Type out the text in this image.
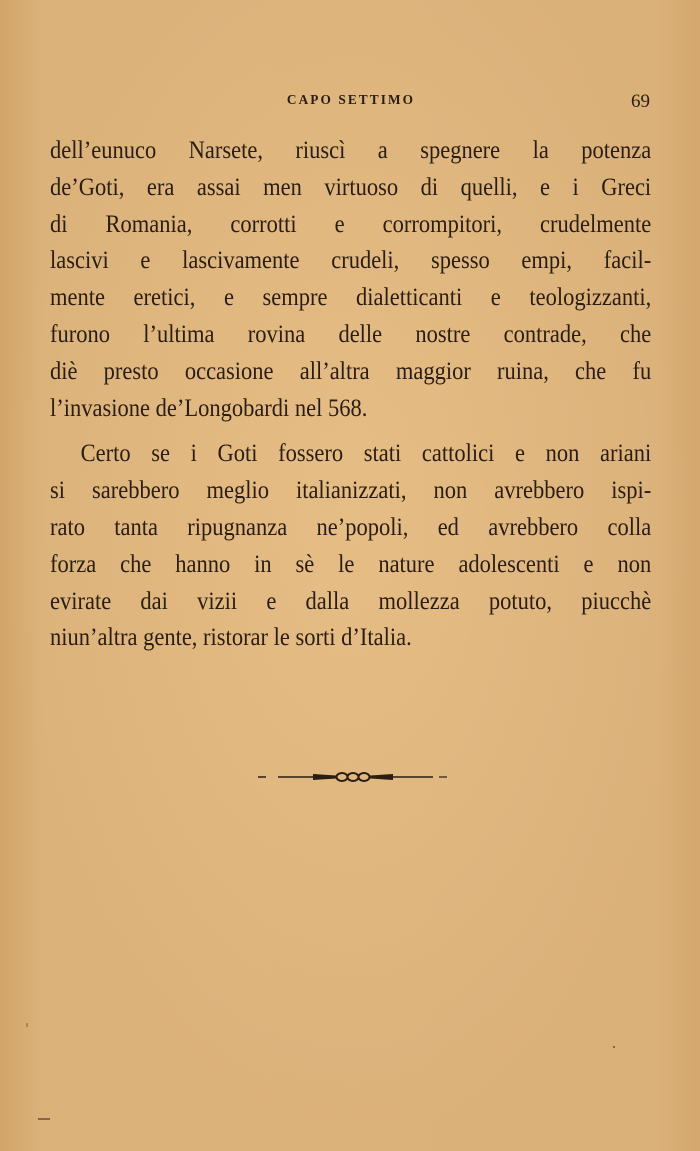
CAPO SETTIMO	69
dell’eunuco Narsete, riuscì a spegnere la potenza
de’Goti, era assai men virtuoso di quelli, e i Greci
di Romania, corrotti e corrompitori, crudelmente
lascivi e lascivamente crudeli, spesso empi, facil-
mente eretici, e sempre dialetticanti e teologizzanti,
furono l’ultima rovina delle nostre contrade, che
diè presto occasione all’altra maggior ruina, che fu
l’invasione de’Longobardi nel 568.
Certo se i Goti fossero stati cattolici e non ariani
si sarebbero meglio italianizzati, non avrebbero ispi-
rato tanta ripugnanza ne’popoli, ed avrebbero colla
forza che hanno in sè le nature adolescenti e non
evirate dai vizii e dalla mollezza potuto, piucchè
niun’altra gente, ristorar le sorti d’Italia.
